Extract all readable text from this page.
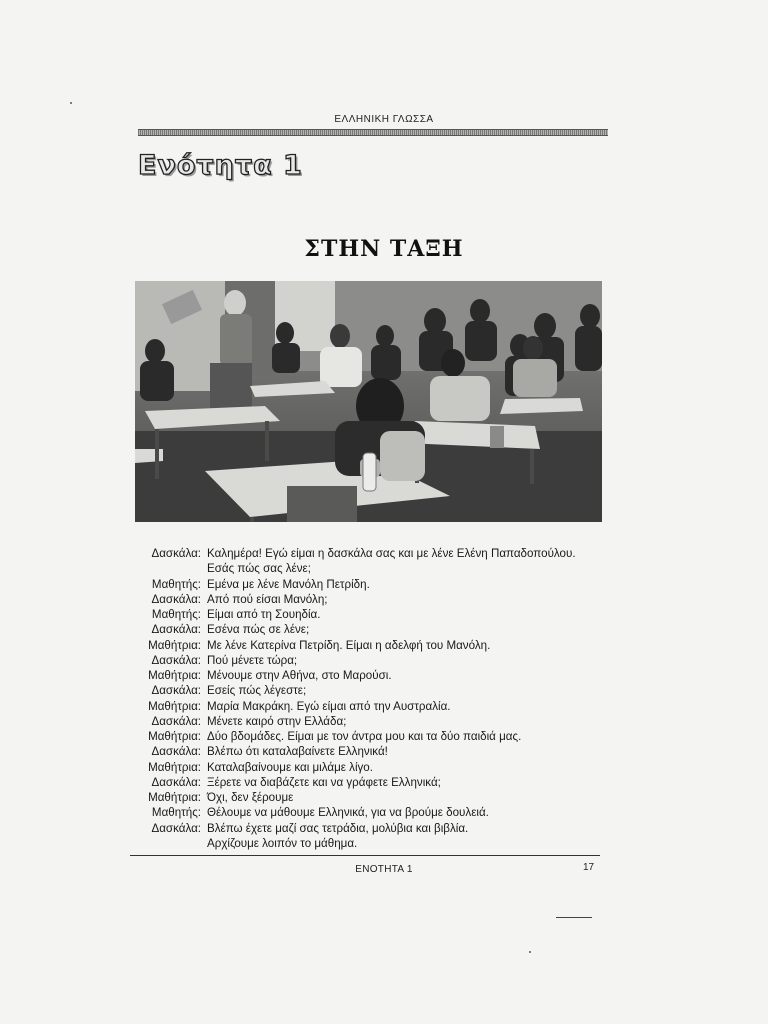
ΕΛΛΗΝΙΚΗ ΓΛΩΣΣΑ
Ενότητα 1
ΣΤΗΝ ΤΑΞΗ
Δασκάλα: Καλημέρα! Εγώ είμαι η δασκάλα σας και με λένε Ελένη Παπαδοπούλου.
Εσάς πώς σας λένε;
Μαθητής: Εμένα με λένε Μανόλη Πετρίδη.
Δασκάλα: Από πού είσαι Μανόλη;
Μαθητής: Είμαι από τη Σουηδία.
Δασκάλα: Εσένα πώς σε λένε;
Μαθήτρια: Με λένε Κατερίνα Πετρίδη. Είμαι η αδελφή του Μανόλη.
Δασκάλα: Πού μένετε τώρα;
Μαθήτρια: Μένουμε στην Αθήνα, στο Μαρούσι.
Δασκάλα: Εσείς πώς λέγεστε;
Μαθήτρια: Μαρία Μακράκη. Εγώ είμαι από την Αυστραλία.
Δασκάλα: Μένετε καιρό στην Ελλάδα;
Μαθήτρια: Δύο βδομάδες. Είμαι με τον άντρα μου και τα δύο παιδιά μας.
Δασκάλα: Βλέπω ότι καταλαβαίνετε Ελληνικά!
Μαθήτρια: Καταλαβαίνουμε και μιλάμε λίγο.
Δασκάλα: Ξέρετε να διαβάζετε και να γράφετε Ελληνικά;
Μαθήτρια: Όχι, δεν ξέρουμε
Μαθητής: Θέλουμε να μάθουμε Ελληνικά, για να βρούμε δουλειά.
Δασκάλα: Βλέπω έχετε μαζί σας τετράδια, μολύβια και βιβλία.
Αρχίζουμε λοιπόν το μάθημα.
ΕΝΟΤΗΤΑ 1	17
